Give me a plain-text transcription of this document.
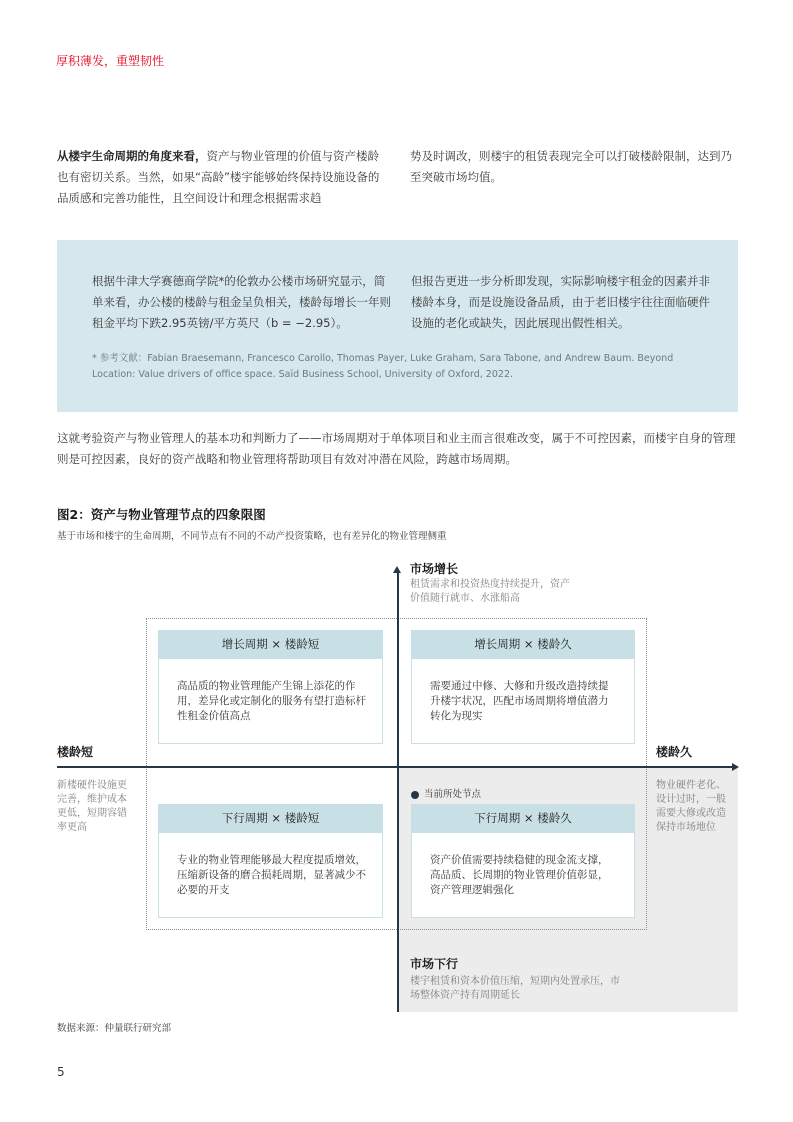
厚积薄发，重塑韧性
从楼宇生命周期的角度来看，资产与物业管理的价值与资产楼龄也有密切关系。当然，如果“高龄”楼宇能够始终保持设施设备的品质感和完善功能性，且空间设计和理念根据需求趋
势及时调改，则楼宇的租赁表现完全可以打破楼龄限制，达到乃至突破市场均值。
根据牛津大学赛德商学院*的伦敦办公楼市场研究显示，简单来看，办公楼的楼龄与租金呈负相关，楼龄每增长一年则租金平均下跌2.95英镑/平方英尺（b = −2.95）。
但报告更进一步分析即发现，实际影响楼宇租金的因素并非楼龄本身，而是设施设备品质，由于老旧楼宇往往面临硬件设施的老化或缺失，因此展现出假性相关。
* 参考文献：Fabian Braesemann, Francesco Carollo, Thomas Payer, Luke Graham, Sara Tabone, and Andrew Baum. Beyond Location: Value drivers of office space. Saïd Business School, University of Oxford, 2022.
这就考验资产与物业管理人的基本功和判断力了——市场周期对于单体项目和业主而言很难改变，属于不可控因素，而楼宇自身的管理则是可控因素，良好的资产战略和物业管理将帮助项目有效对冲潜在风险，跨越市场周期。
图2：资产与物业管理节点的四象限图
基于市场和楼宇的生命周期，不同节点有不同的不动产投资策略，也有差异化的物业管理侧重
市场增长
租赁需求和投资热度持续提升，资产价值随行就市、水涨船高
市场下行
楼宇租赁和资本价值压缩，短期内处置承压，市场整体资产持有周期延长
楼龄短
新楼硬件设施更完善，维护成本更低，短期容错率更高
楼龄久
物业硬件老化、设计过时，一般需要大修或改造保持市场地位
增长周期 × 楼龄短
高品质的物业管理能产生锦上添花的作用，差异化或定制化的服务有望打造标杆性租金价值高点
增长周期 × 楼龄久
需要通过中修、大修和升级改造持续提升楼宇状况，匹配市场周期将增值潜力转化为现实
当前所处节点
下行周期 × 楼龄短
专业的物业管理能够最大程度提质增效，压缩新设备的磨合损耗周期，显著减少不必要的开支
下行周期 × 楼龄久
资产价值需要持续稳健的现金流支撑，高品质、长周期的物业管理价值彰显，资产管理逻辑强化
数据来源：仲量联行研究部
5
